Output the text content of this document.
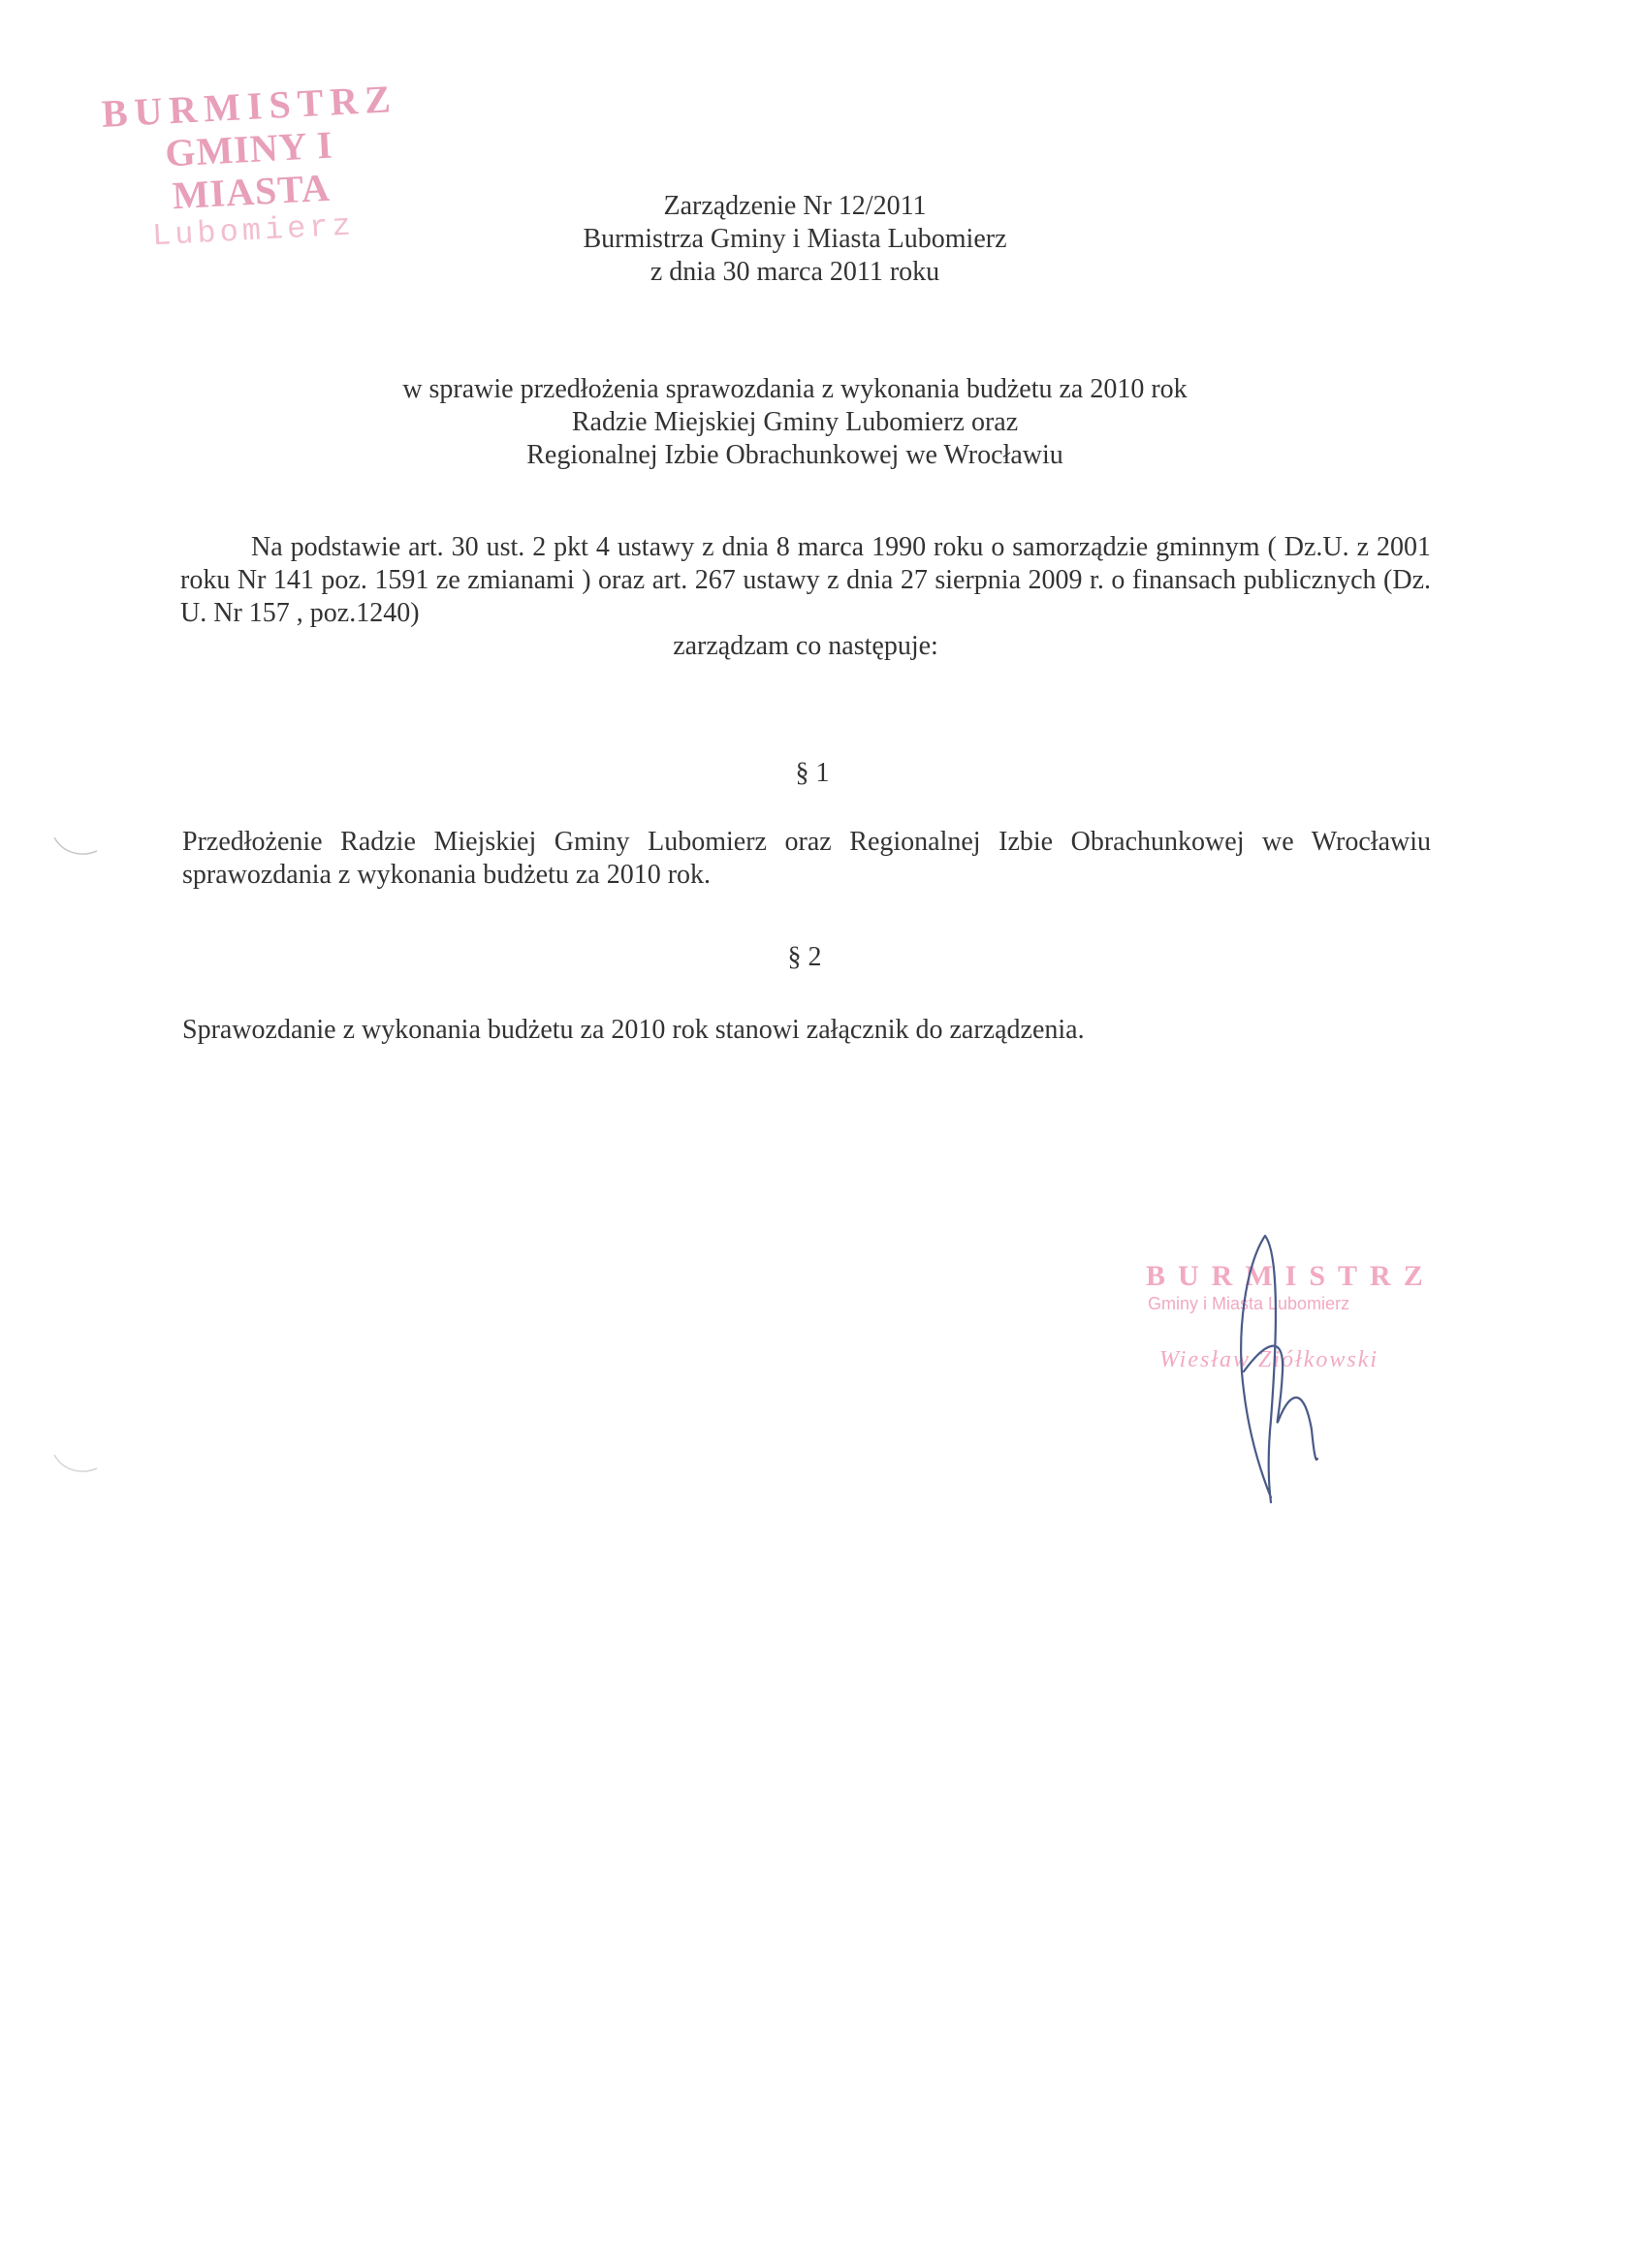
BURMISTRZ
GMINY I MIASTA
Lubomierz
Zarządzenie Nr 12/2011
Burmistrza Gminy i Miasta Lubomierz
z dnia 30 marca 2011 roku
w sprawie przedłożenia sprawozdania z wykonania budżetu za 2010 rok
Radzie Miejskiej Gminy Lubomierz oraz
Regionalnej Izbie Obrachunkowej we Wrocławiu

Na podstawie art. 30 ust. 2 pkt 4 ustawy z dnia 8 marca 1990 roku o samorządzie gminnym ( Dz.U. z 2001 roku Nr 141 poz. 1591 ze zmianami ) oraz art. 267 ustawy z dnia 27 sierpnia 2009 r. o finansach publicznych (Dz. U. Nr 157 , poz.1240)

zarządzam co następuje:

§ 1
Przedłożenie Radzie Miejskiej Gminy Lubomierz oraz Regionalnej Izbie Obrachunkowej we Wrocławiu sprawozdania z wykonania budżetu za 2010 rok.
§ 2
Sprawozdanie z wykonania budżetu za 2010 rok stanowi załącznik do zarządzenia.
BURMISTRZ
Gminy i Miasta Lubomierz
Wiesław Ziółkowski
